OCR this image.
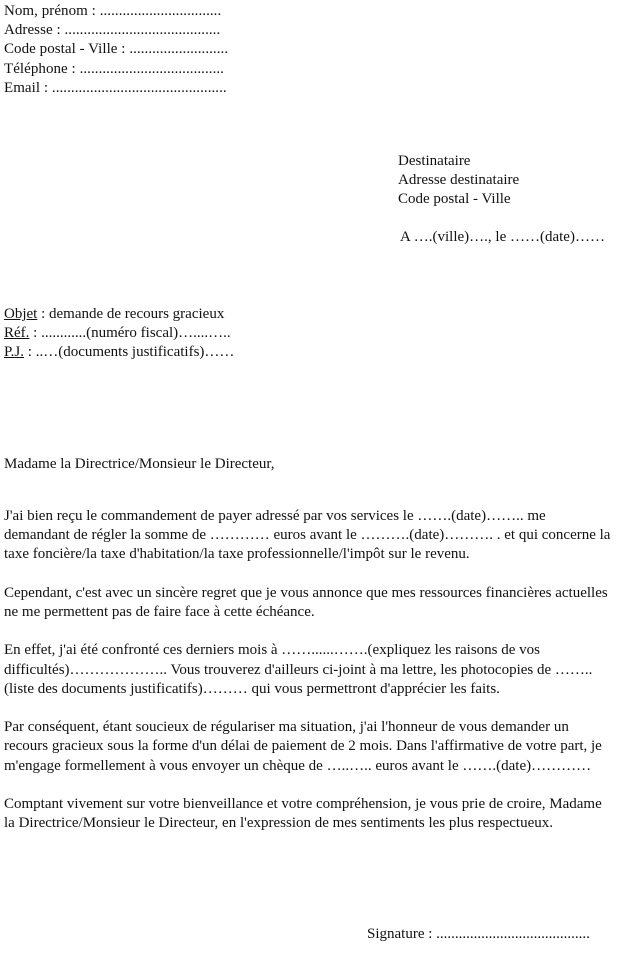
Nom, prénom : ................................
Adresse : .........................................
Code postal - Ville : ..........................
Téléphone : ......................................
Email : ..............................................
Destinataire
Adresse destinataire
Code postal - Ville
A ….(ville)…., le ……(date)……
Objet : demande de recours gracieux
Réf. : ............(numéro fiscal)…....…..
P.J. : ..…(documents justificatifs)……
Madame la Directrice/Monsieur le Directeur,

J'ai bien reçu le commandement de payer adressé par vos services le …….(date)…….. me demandant de régler la somme de ………… euros avant le ……….(date)………. . et qui concerne la taxe foncière/la taxe d'habitation/la taxe professionnelle/l'impôt sur le revenu.

Cependant, c'est avec un sincère regret que je vous annonce que mes ressources financières actuelles ne me permettent pas de faire face à cette échéance.

En effet, j'ai été confronté ces derniers mois à ……......…….(expliquez les raisons de vos difficultés)……………….. Vous trouverez d'ailleurs ci-joint à ma lettre, les photocopies de ……..(liste des documents justificatifs)……… qui vous permettront d'apprécier les faits.

Par conséquent, étant soucieux de régulariser ma situation, j'ai l'honneur de vous demander un recours gracieux sous la forme d'un délai de paiement de 2 mois. Dans l'affirmative de votre part, je m'engage formellement à vous envoyer un chèque de …..….. euros avant le …….(date)…………

Comptant vivement sur votre bienveillance et votre compréhension, je vous prie de croire, Madame la Directrice/Monsieur le Directeur, en l'expression de mes sentiments les plus respectueux.

Signature : .........................................
